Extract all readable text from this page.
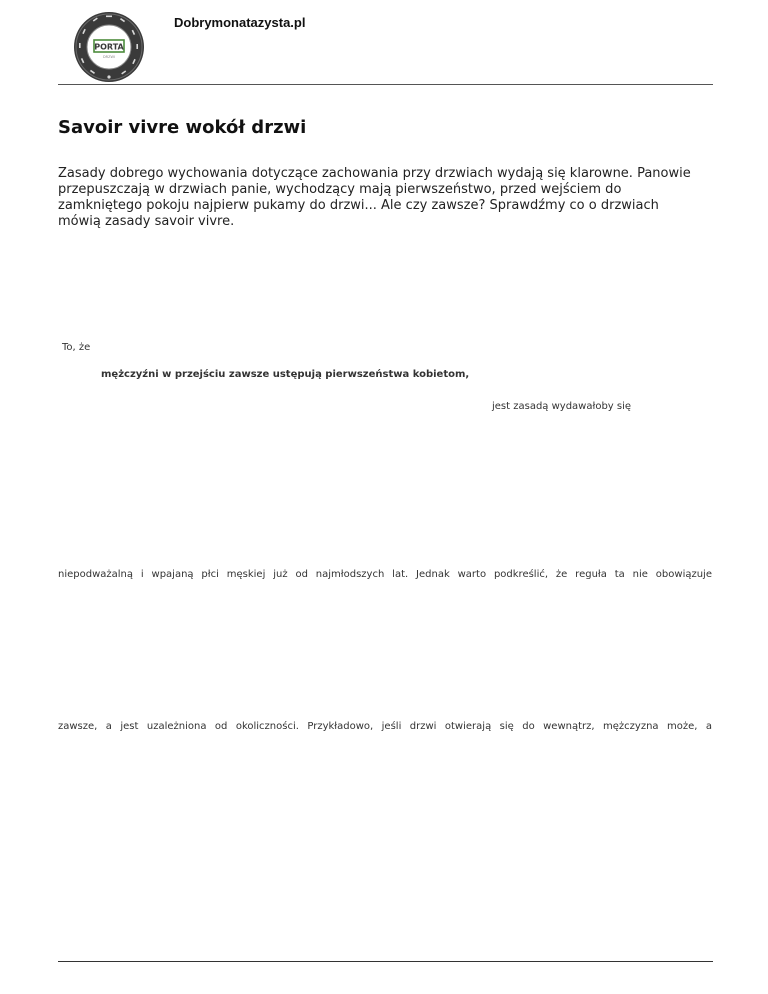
PORTA
DRZWI
Dobrymonatazysta.pl
Savoir vivre wokół drzwi

Zasady dobrego wychowania dotyczące zachowania przy drzwiach wydają się klarowne. Panowie przepuszczają w drzwiach panie, wychodzący mają pierwszeństwo, przed wejściem do zamkniętego pokoju najpierw pukamy do drzwi... Ale czy zawsze? Sprawdźmy co o drzwiach mówią zasady savoir vivre.

To, że

mężczyźni w przejściu zawsze ustępują pierwszeństwa kobietom,

jest zasadą wydawałoby się

niepodważalną i wpajaną płci męskiej już od najmłodszych lat. Jednak warto podkreślić, że reguła ta nie obowiązuje

zawsze, a jest uzależniona od okoliczności. Przykładowo, jeśli drzwi otwierają się do wewnątrz, mężczyzna może, a
